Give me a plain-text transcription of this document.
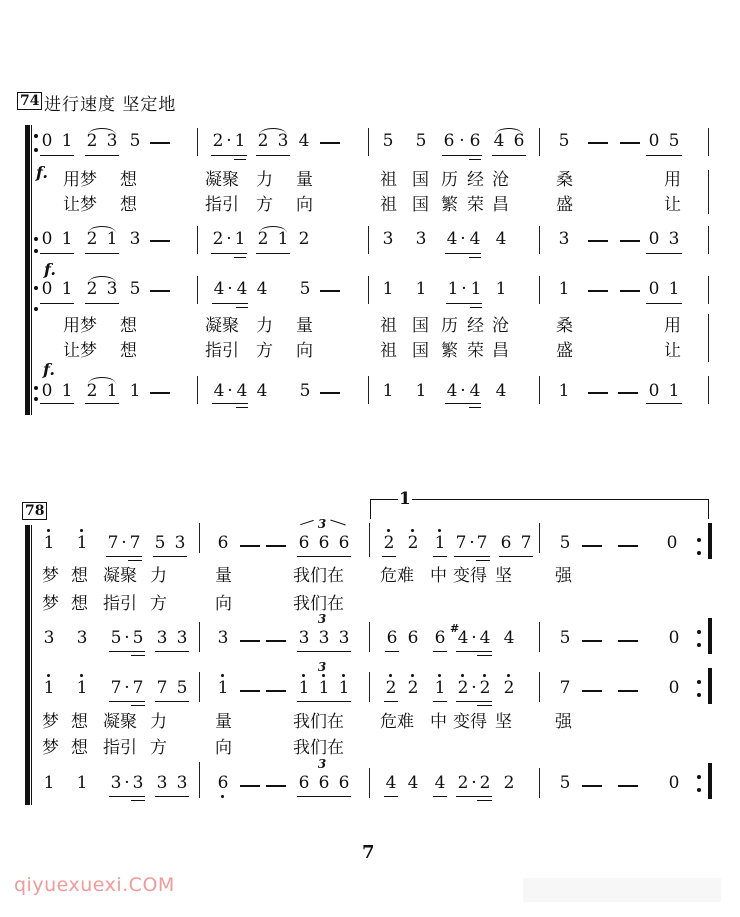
74 进行速度 坚定地
0 1 2 3 5	2 · 1 2 3 4	5 5 6 · 6 4 6 5	0 5
f. 用梦 想	凝聚 力 量	祖 国 历 经 沧	桑	用
让梦 想	指引 方 向	祖 国 繁 荣 昌	盛	让
0 1 2 1 3	2 · 1 2 1 2	3 3 4 · 4 4	3	0 3
f.
0 1 2 3 5	4 · 4 4 5	1 1 1 · 1 1	1	0 1
用梦 想	凝聚 力 量	祖 国 历 经 沧	桑	用
让梦 想	指引 方 向	祖 国 繁 荣 昌	盛	让
f.
0 1 2 1 1	4 · 4 4 5	1 1 4 · 4 4	1	0 1
78
1
1 1 7 · 7 5 3 6
3
6 6 6 2 2 1 7 · 7 6 7 5	0
梦 想 凝聚 力	量	我们在 危难 中 变得 坚	强
梦 想 指引 方	向	我们在
3 3 5 · 5 3 3 3
3
3 3 3 6 6 6 #
4 · 4 4	5	0
1 1 7 · 7 7 5 1
3
1 1 1 2 2 1 2 · 2 2	7	0
梦 想 凝聚 力	量	我们在 危难 中 变得 坚	强
梦 想 指引 方	向	我们在
1 1 3 · 3 3 3 6
3
6 6 6 4 4 4 2 · 2 2	5	0
7
qiyuexuexi.COM
